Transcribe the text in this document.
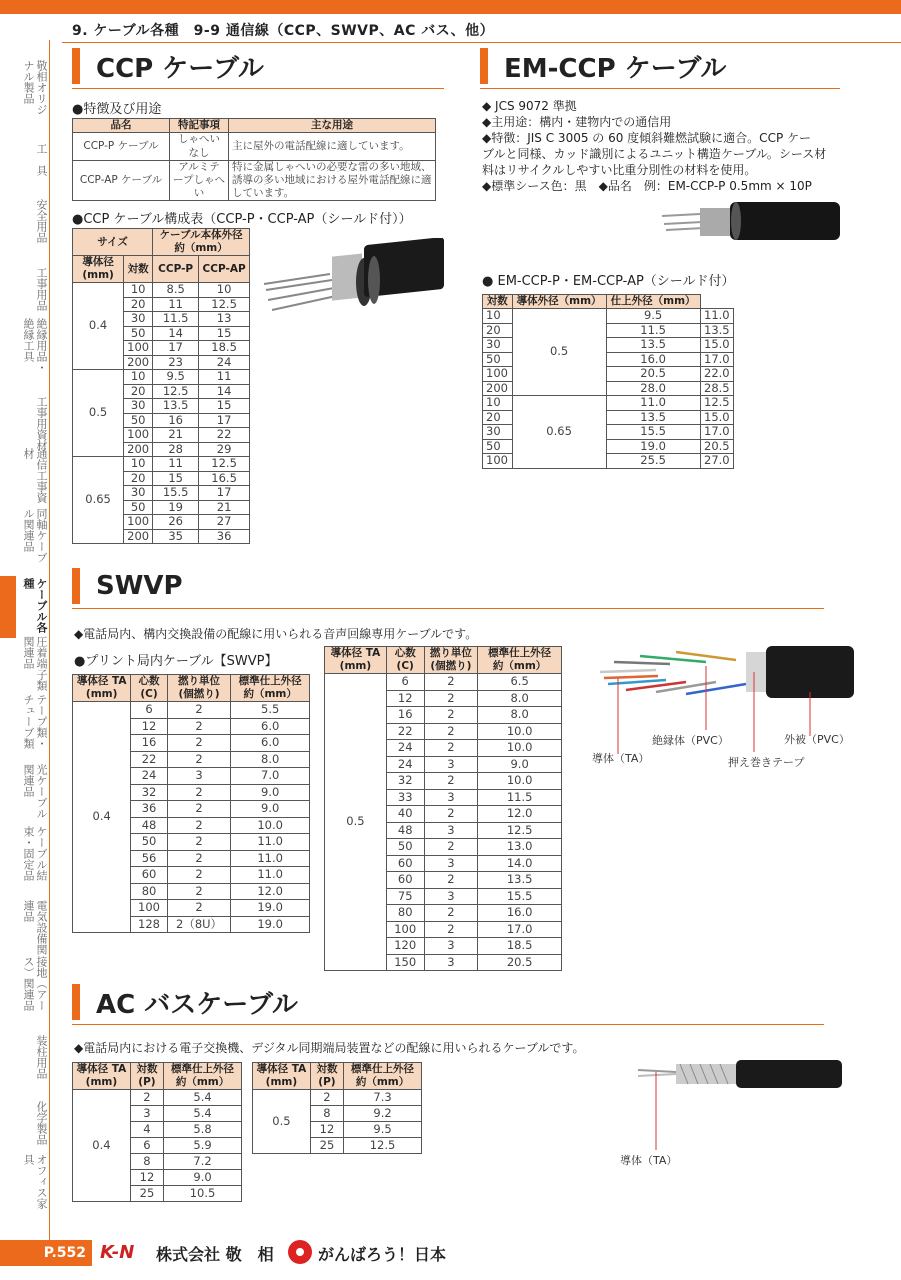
9. ケーブル各種　9-9 通信線（CCP、SWVP、AC バス、他）
敬相オリジナル製品
工　具
安全用品
工事用品
絶縁用品・絶縁工具
工事用資材
通信工事資材
同軸ケーブル関連品
ケーブル各種
圧着端子類関連品
テープ類・チューブ類
光ケーブル関連品
ケーブル結束・固定品
電気設備関連品
接地（アース）関連品
装柱用品
化学製品
オフィス家具
CCP ケーブル
●特徴及び用途
品名	特記事項	主な用途
CCP-P ケーブル	しゃへいなし	主に屋外の電話配線に適しています。
CCP-AP ケーブル	アルミテープしゃへい	特に金属しゃへいの必要な雷の多い地域、誘導の多い地域における屋外電話配線に適しています。
●CCP ケーブル構成表（CCP-P・CCP-AP（シールド付））
サイズ		ケーブル本体外径 約（mm）	
導体径 (mm)	対数	CCP-P	CCP-AP
0.4	10	8.5	10
	20	11	12.5
	30	11.5	13
	50	14	15
	100	17	18.5
	200	23	24
0.5	10	9.5	11
	20	12.5	14
	30	13.5	15
	50	16	17
	100	21	22
	200	28	29
0.65	10	11	12.5
	20	15	16.5
	30	15.5	17
	50	19	21
	100	26	27
	200	35	36
EM-CCP ケーブル
◆ JCS 9072 準拠
◆主用途：構内・建物内での通信用
◆特徴：JIS C 3005 の 60 度傾斜難燃試験に適合。CCP ケー
ブルと同様、カッド識別によるユニット構造ケーブル。シース材
料はリサイクルしやすい比重分別性の材料を使用。
◆標準シース色：黒　◆品名　例：EM-CCP-P 0.5mm × 10P
● EM-CCP-P・EM-CCP-AP（シールド付）
対数	導体外径（mm）	仕上外径（mm）	
10	0.5	9.5	11.0
20		11.5	13.5
30		13.5	15.0
50		16.0	17.0
100		20.5	22.0
200		28.0	28.5
10	0.65	11.0	12.5
20		13.5	15.0
30		15.5	17.0
50		19.0	20.5
100		25.5	27.0
SWVP
◆電話局内、構内交換設備の配線に用いられる音声回線専用ケーブルです。
●プリント局内ケーブル【SWVP】
導体径 TA (mm)	心数 (C)	撚り単位 (個撚り)	標準仕上外径 約（mm）
0.4	6	2	5.5
	12	2	6.0
	16	2	6.0
	22	2	8.0
	24	3	7.0
	32	2	9.0
	36	2	9.0
	48	2	10.0
	50	2	11.0
	56	2	11.0
	60	2	11.0
	80	2	12.0
	100	2	19.0
	128	2（8U）	19.0
導体径 TA (mm)	心数 (C)	撚り単位 (個撚り)	標準仕上外径 約（mm）
0.5	6	2	6.5
	12	2	8.0
	16	2	8.0
	22	2	10.0
	24	2	10.0
	24	3	9.0
	32	2	10.0
	33	3	11.5
	40	2	12.0
	48	3	12.5
	50	2	13.0
	60	3	14.0
	60	2	13.5
	75	3	15.5
	80	2	16.0
	100	2	17.0
	120	3	18.5
	150	3	20.5
導体（TA）
絶縁体（PVC）
押え巻きテープ
外被（PVC）
AC バスケーブル
◆電話局内における電子交換機、デジタル同期端局装置などの配線に用いられるケーブルです。
導体径 TA (mm)	対数 (P)	標準仕上外径 約（mm）
0.4	2	5.4
	3	5.4
	4	5.8
	6	5.9
	8	7.2
	12	9.0
	25	10.5
導体径 TA (mm)	対数 (P)	標準仕上外径 約（mm）
0.5	2	7.3
	8	9.2
	12	9.5
	25	12.5
導体（TA）
P.552 K-N 株式会社 敬　相	がんばろう！日本
